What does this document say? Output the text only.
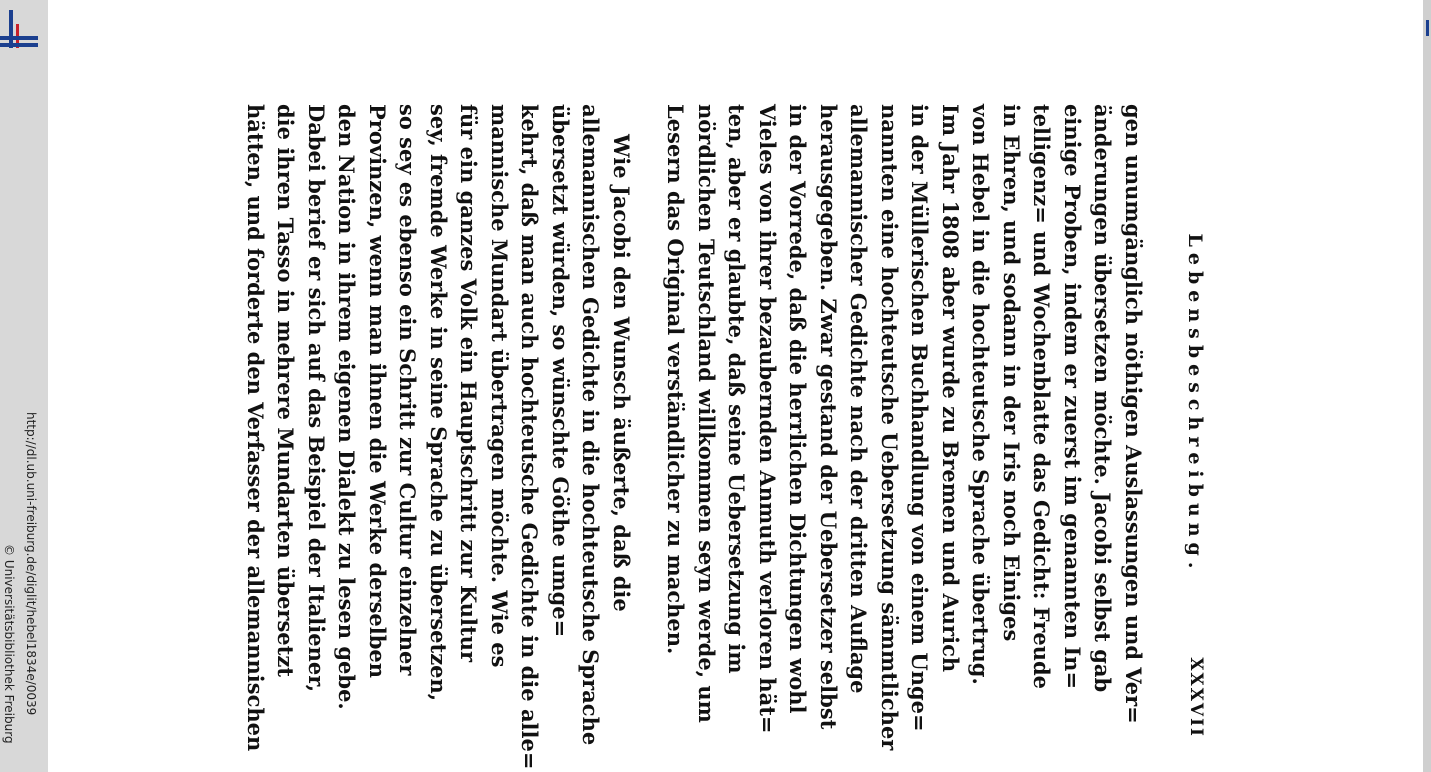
http://dl.ub.uni-freiburg.de/diglit/hebel1834e/0039
© Universitätsbibliothek Freiburg
Lebensbeschreibung.
XXXVII
gen unumgänglich nöthigen Auslassungen und Ver=
änderungen übersetzen möchte. Jacobi selbst gab
einige Proben, indem er zuerst im genannten In=
telligenz= und Wochenblatte das Gedicht: Freude
in Ehren, und sodann in der Iris noch Einiges
von Hebel in die hochteutsche Sprache übertrug.
Im Jahr 1808 aber wurde zu Bremen und Aurich
in der Müllerischen Buchhandlung von einem Unge=
nannten eine hochteutsche Uebersetzung sämmtlicher
allemannischer Gedichte nach der dritten Auflage
herausgegeben. Zwar gestand der Uebersetzer selbst
in der Vorrede, daß die herrlichen Dichtungen wohl
Vieles von ihrer bezaubernden Anmuth verloren hät=
ten, aber er glaubte, daß seine Uebersetzung im
nördlichen Teutschland willkommen seyn werde, um
Lesern das Original verständlicher zu machen.
Wie Jacobi den Wunsch äußerte, daß die
allemannischen Gedichte in die hochteutsche Sprache
übersetzt würden, so wünschte Göthe umge=
kehrt, daß man auch hochteutsche Gedichte in die alle=
mannische Mundart übertragen möchte. Wie es
für ein ganzes Volk ein Hauptschritt zur Kultur
sey, fremde Werke in seine Sprache zu übersetzen,
so sey es ebenso ein Schritt zur Cultur einzelner
Provinzen, wenn man ihnen die Werke derselben
den Nation in ihrem eigenen Dialekt zu lesen gebe.
Dabei berief er sich auf das Beispiel der Italiener,
die ihren Tasso in mehrere Mundarten übersetzt
hätten, und forderte den Verfasser der allemannischen
